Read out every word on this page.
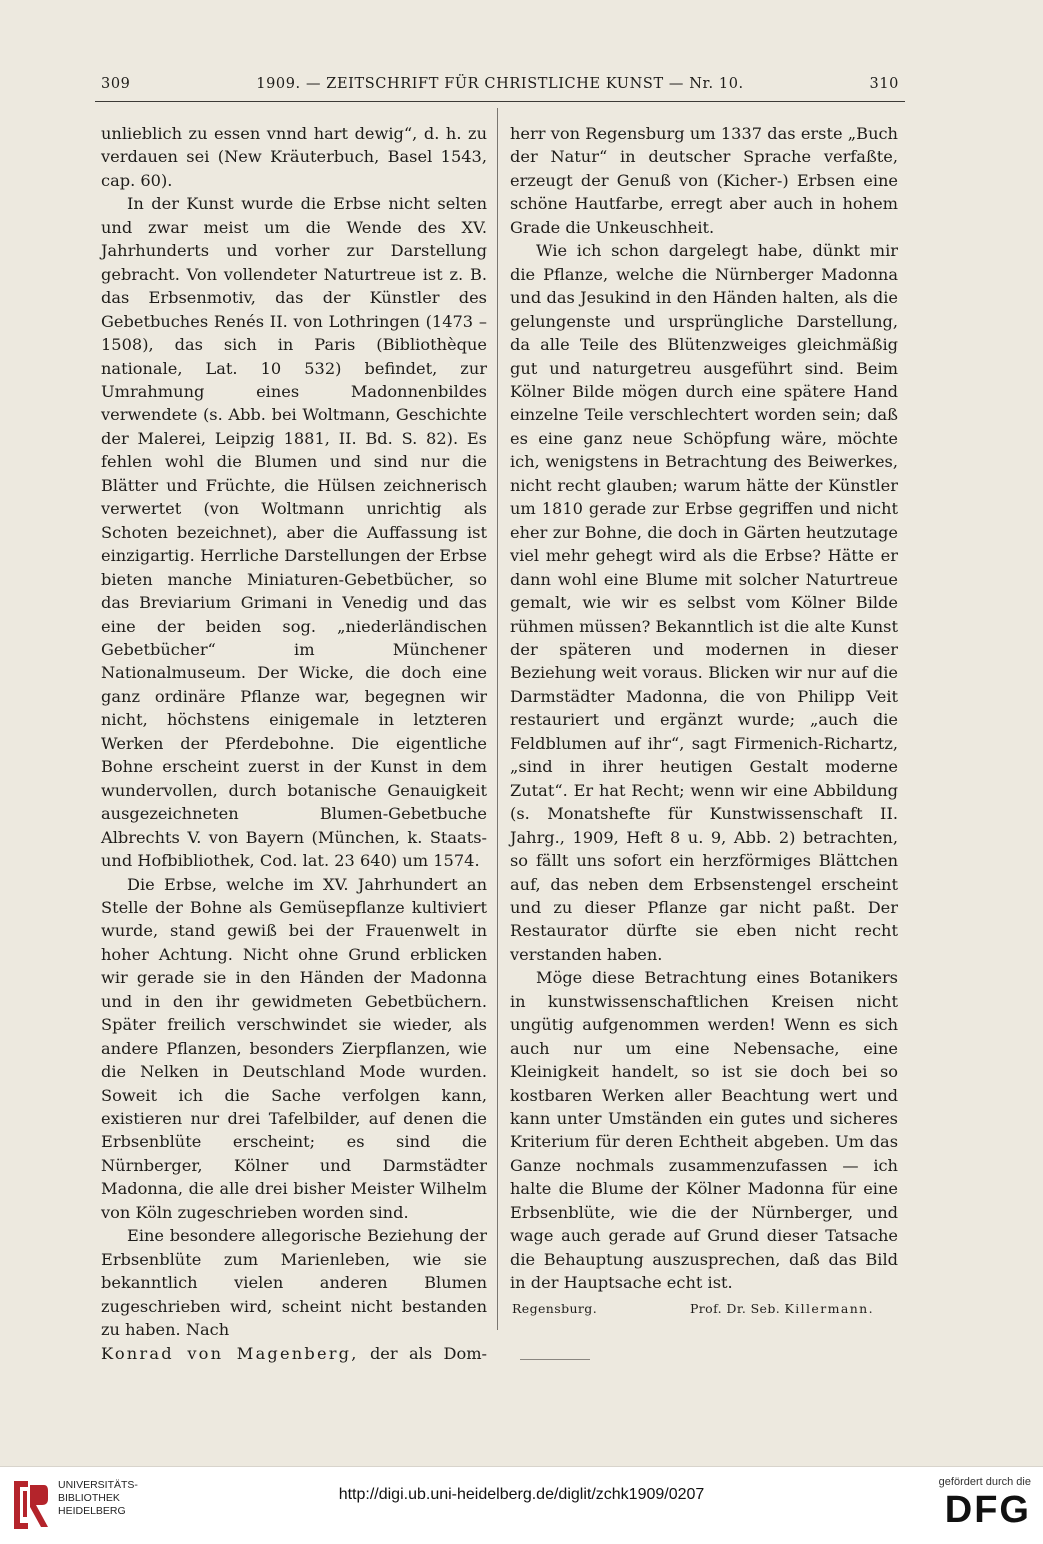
309	1909. — ZEITSCHRIFT FÜR CHRISTLICHE KUNST — Nr. 10.	310

unlieblich zu essen vnnd hart dewig“, d. h. zu verdauen sei (New Kräuterbuch, Basel 1543, cap. 60).

In der Kunst wurde die Erbse nicht selten und zwar meist um die Wende des XV. Jahrhunderts und vorher zur Darstellung gebracht. Von vollendeter Naturtreue ist z. B. das Erbsenmotiv, das der Künstler des Gebetbuches Renés II. von Lothringen (1473 – 1508), das sich in Paris (Bibliothèque nationale, Lat. 10 532) befindet, zur Umrahmung eines Madonnenbildes verwendete (s. Abb. bei Woltmann, Geschichte der Malerei, Leipzig 1881, II. Bd. S. 82). Es fehlen wohl die Blumen und sind nur die Blätter und Früchte, die Hülsen zeichnerisch verwertet (von Woltmann unrichtig als Schoten bezeichnet), aber die Auffassung ist einzigartig. Herrliche Darstellungen der Erbse bieten manche Miniaturen-Gebetbücher, so das Breviarium Grimani in Venedig und das eine der beiden sog. „niederländischen Gebetbücher“ im Münchener Nationalmuseum. Der Wicke, die doch eine ganz ordinäre Pflanze war, begegnen wir nicht, höchstens einigemale in letzteren Werken der Pferdebohne. Die eigentliche Bohne erscheint zuerst in der Kunst in dem wundervollen, durch botanische Genauigkeit ausgezeichneten Blumen-Gebetbuche Albrechts V. von Bayern (München, k. Staats- und Hofbibliothek, Cod. lat. 23 640) um 1574.

Die Erbse, welche im XV. Jahrhundert an Stelle der Bohne als Gemüsepflanze kultiviert wurde, stand gewiß bei der Frauenwelt in hoher Achtung. Nicht ohne Grund erblicken wir gerade sie in den Händen der Madonna und in den ihr gewidmeten Gebetbüchern. Später freilich verschwindet sie wieder, als andere Pflanzen, besonders Zierpflanzen, wie die Nelken in Deutschland Mode wurden. Soweit ich die Sache verfolgen kann, existieren nur drei Tafelbilder, auf denen die Erbsenblüte erscheint; es sind die Nürnberger, Kölner und Darmstädter Madonna, die alle drei bisher Meister Wilhelm von Köln zugeschrieben worden sind.

Eine besondere allegorische Beziehung der Erbsenblüte zum Marienleben, wie sie bekanntlich vielen anderen Blumen zugeschrieben wird, scheint nicht bestanden zu haben. Nach

Konrad von Magenberg, der als Dom-

herr von Regensburg um 1337 das erste „Buch der Natur“ in deutscher Sprache verfaßte, erzeugt der Genuß von (Kicher-) Erbsen eine schöne Hautfarbe, erregt aber auch in hohem Grade die Unkeuschheit.

Wie ich schon dargelegt habe, dünkt mir die Pflanze, welche die Nürnberger Madonna und das Jesukind in den Händen halten, als die gelungenste und ursprüngliche Darstellung, da alle Teile des Blütenzweiges gleichmäßig gut und naturgetreu ausgeführt sind. Beim Kölner Bilde mögen durch eine spätere Hand einzelne Teile verschlechtert worden sein; daß es eine ganz neue Schöpfung wäre, möchte ich, wenigstens in Betrachtung des Beiwerkes, nicht recht glauben; warum hätte der Künstler um 1810 gerade zur Erbse gegriffen und nicht eher zur Bohne, die doch in Gärten heutzutage viel mehr gehegt wird als die Erbse? Hätte er dann wohl eine Blume mit solcher Naturtreue gemalt, wie wir es selbst vom Kölner Bilde rühmen müssen? Bekanntlich ist die alte Kunst der späteren und modernen in dieser Beziehung weit voraus. Blicken wir nur auf die Darmstädter Madonna, die von Philipp Veit restauriert und ergänzt wurde; „auch die Feldblumen auf ihr“, sagt Firmenich-Richartz, „sind in ihrer heutigen Gestalt moderne Zutat“. Er hat Recht; wenn wir eine Abbildung (s. Monatshefte für Kunstwissenschaft II. Jahrg., 1909, Heft 8 u. 9, Abb. 2) betrachten, so fällt uns sofort ein herzförmiges Blättchen auf, das neben dem Erbsenstengel erscheint und zu dieser Pflanze gar nicht paßt. Der Restaurator dürfte sie eben nicht recht verstanden haben.

Möge diese Betrachtung eines Botanikers in kunstwissenschaftlichen Kreisen nicht ungütig aufgenommen werden! Wenn es sich auch nur um eine Nebensache, eine Kleinigkeit handelt, so ist sie doch bei so kostbaren Werken aller Beachtung wert und kann unter Umständen ein gutes und sicheres Kriterium für deren Echtheit abgeben. Um das Ganze nochmals zusammenzufassen — ich halte die Blume der Kölner Madonna für eine Erbsenblüte, wie die der Nürnberger, und wage auch gerade auf Grund dieser Tatsache die Behauptung auszusprechen, daß das Bild in der Hauptsache echt ist.

Regensburg.	Prof. Dr. Seb. Killermann.
UNIVERSITÄTS-
BIBLIOTHEK
HEIDELBERG
http://digi.ub.uni-heidelberg.de/diglit/zchk1909/0207
gefördert durch die
DFG
